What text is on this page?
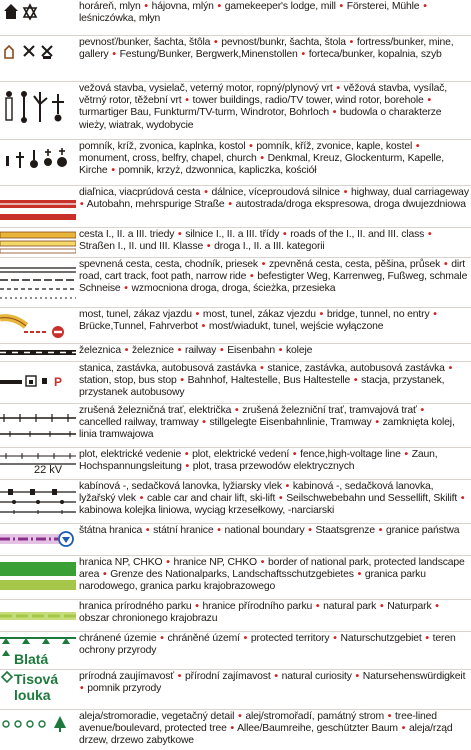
horáreň, mlyn • hájovna, mlýn • gamekeeper's lodge, mill • Försterei, Mühle • leśniczówka, młyn
pevnosť/bunker, šachta, štôla • pevnost/bunkr, šachta, štola • fortress/bunker, mine, gallery • Festung/Bunker, Bergwerk,Minenstollen • forteca/bunker, kopalnia, szyb
vežová stavba, vysielač, veterný motor, ropný/plynový vrt • věžová stavba, vysílač, větrný rotor, těžební vrt • tower buildings, radio/TV tower, wind rotor, borehole • turmartiger Bau, Funkturm/TV-turm, Windrotor, Bohrloch • budowla o charakterze wieży, wiatrak, wydobycie
pomník, kríž, zvonica, kaplnka, kostol • pomník, kříž, zvonice, kaple, kostel • monument, cross, belfry, chapel, church • Denkmal, Kreuz, Glockenturm, Kapelle, Kirche • pomnik, krzyż, dzwonnica, kapliczka, kościół
diaľnica, viacprúdová cesta • dálnice, víceproudová silnice • highway, dual carriageway • Autobahn, mehrspurige Straße • autostrada/droga ekspresowa, droga dwujezdniowa
cesta I., II. a III. triedy • silnice I., II. a III. třídy • roads of the I., II. and III. class • Straßen I., II. und III. Klasse • droga I., II. a III. kategorii
spevnená cesta, cesta, chodník, priesek • zpevněná cesta, cesta, pěšina, průsek • dirt road, cart track, foot path, narrow ride • befestigter Weg, Karrenweg, Fußweg, schmale Schneise • wzmocniona droga, droga, ścieżka, przesieka
most, tunel, zákaz vjazdu • most, tunel, zákaz vjezdu • bridge, tunnel, no entry • Brücke,Tunnel, Fahrverbot • most/wiadukt, tunel, wejście wyłączone
železnica • železnice • railway • Eisenbahn • koleje
P
stanica, zastávka, autobusová zastávka • stanice, zastávka, autobusová zastávka • station, stop, bus stop • Bahnhof, Haltestelle, Bus Haltestelle • stacja, przystanek, przystanek autobusowy
zrušená železničná trať, električka • zrušená železniční trať, tramvajová trať • cancelled railway, tramway • stillgelegte Eisenbahnlinie, Tramway • zamknięta kolej, linia tramwajowa
22 kV
plot, elektrické vedenie • plot, elektrické vedení • fence,high-voltage line • Zaun, Hochspannungsleitung • plot, trasa przewodów elektrycznych
kabínová -, sedačková lanovka, lyžiarsky vlek • kabinová -, sedačková lanovka, lyžařský vlek • cable car and chair lift, ski-lift • Seilschwebebahn und Sessellift, Skilift • kabinowa kolejka liniowa, wyciąg krzesełkowy, -narciarski
štátna hranica • státní hranice • national boundary • Staatsgrenze • granice państwa
hranica NP, CHKO • hranice NP, CHKO • border of national park, protected landscape area • Grenze des Nationalparks, Landschaftsschutzgebietes • granica parku narodowego, granica parku krajobrazowego
hranica prírodného parku • hranice přírodního parku • natural park • Naturpark • obszar chronionego krajobrazu
Blatá
chránené územie • chráněné území • protected territory • Naturschutzgebiet • teren ochrony przyrody
Tisová louka
prírodná zaujímavosť • přírodní zajímavost • natural curiosity • Natursehenswürdigkeit • pomnik przyrody
aleja/stromoradie, vegetačný detail • alej/stromořadí, památný strom • tree-lined avenue/boulevard, protected tree • Allee/Baumreihe, geschützter Baum • aleja/rząd drzew, drzewo zabytkowe
